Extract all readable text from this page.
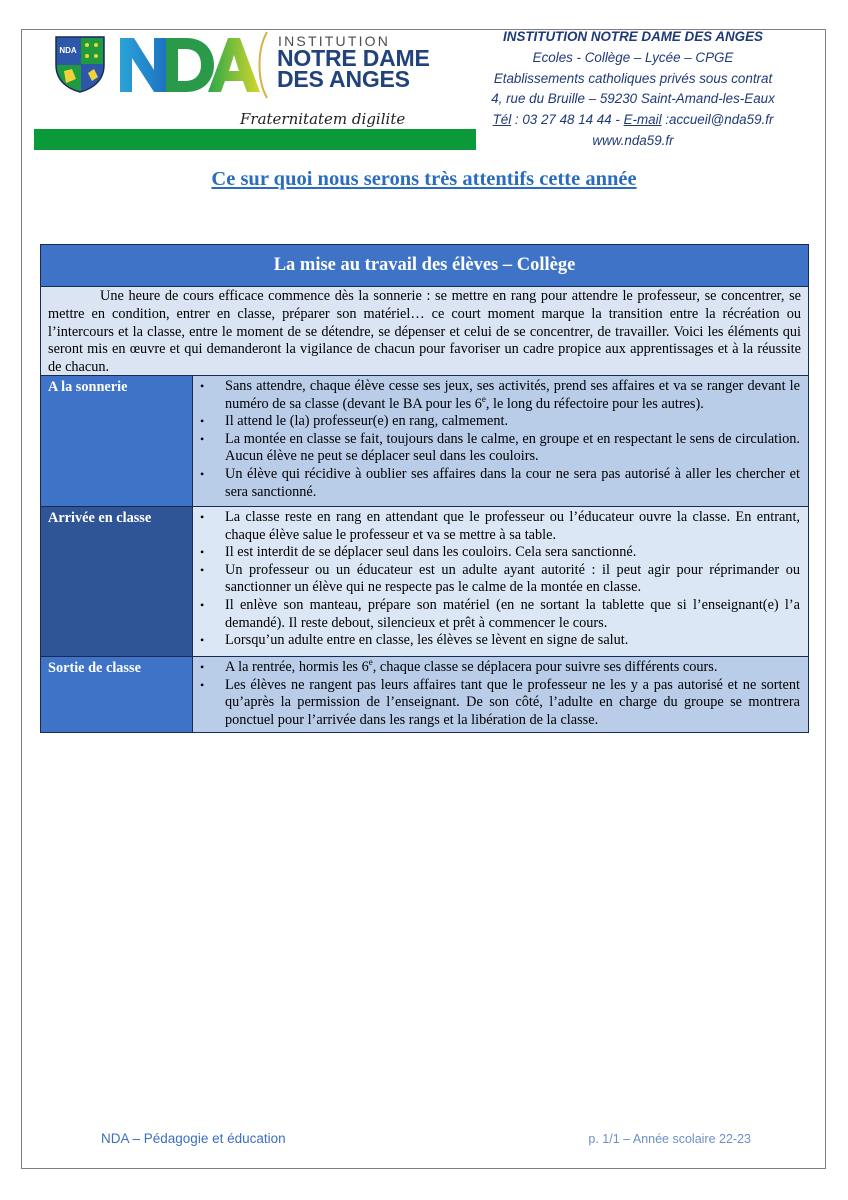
NDA
INSTITUTION
NOTRE DAME
DES ANGES
Fraternitatem digilite
INSTITUTION NOTRE DAME DES ANGES
Ecoles - Collège – Lycée – CPGE
Etablissements catholiques privés sous contrat
4, rue du Bruille – 59230 Saint-Amand-les-Eaux
Tél : 03 27 48 14 44 - E-mail :accueil@nda59.fr
www.nda59.fr
Ce sur quoi nous serons très attentifs cette année
La mise au travail des élèves – Collège
Une heure de cours efficace commence dès la sonnerie : se mettre en rang pour attendre le professeur, se concentrer, se mettre en condition, entrer en classe, préparer son matériel… ce court moment marque la transition entre la récréation ou l’intercours et la classe, entre le moment de se détendre, se dépenser et celui de se concentrer, de travailler. Voici les éléments qui seront mis en œuvre et qui demanderont la vigilance de chacun pour favoriser un cadre propice aux apprentissages et à la réussite de chacun.
A la sonnerie	• Sans attendre, chaque élève cesse ses jeux, ses activités, prend ses affaires et va se ranger devant le numéro de sa classe (devant le BA pour les 6e, le long du réfectoire pour les autres).
• Il attend le (la) professeur(e) en rang, calmement.
• La montée en classe se fait, toujours dans le calme, en groupe et en respectant le sens de circulation. Aucun élève ne peut se déplacer seul dans les couloirs.
• Un élève qui récidive à oublier ses affaires dans la cour ne sera pas autorisé à aller les chercher et sera sanctionné.
Arrivée en classe	• La classe reste en rang en attendant que le professeur ou l’éducateur ouvre la classe. En entrant, chaque élève salue le professeur et va se mettre à sa table.
• Il est interdit de se déplacer seul dans les couloirs. Cela sera sanctionné.
• Un professeur ou un éducateur est un adulte ayant autorité : il peut agir pour réprimander ou sanctionner un élève qui ne respecte pas le calme de la montée en classe.
• Il enlève son manteau, prépare son matériel (en ne sortant la tablette que si l’enseignant(e) l’a demandé). Il reste debout, silencieux et prêt à commencer le cours.
• Lorsqu’un adulte entre en classe, les élèves se lèvent en signe de salut.
Sortie de classe	• A la rentrée, hormis les 6e, chaque classe se déplacera pour suivre ses différents cours.
• Les élèves ne rangent pas leurs affaires tant que le professeur ne les y a pas autorisé et ne sortent qu’après la permission de l’enseignant. De son côté, l’adulte en charge du groupe se montrera ponctuel pour l’arrivée dans les rangs et la libération de la classe.
NDA – Pédagogie et éducation	p. 1/1 – Année scolaire 22-23
